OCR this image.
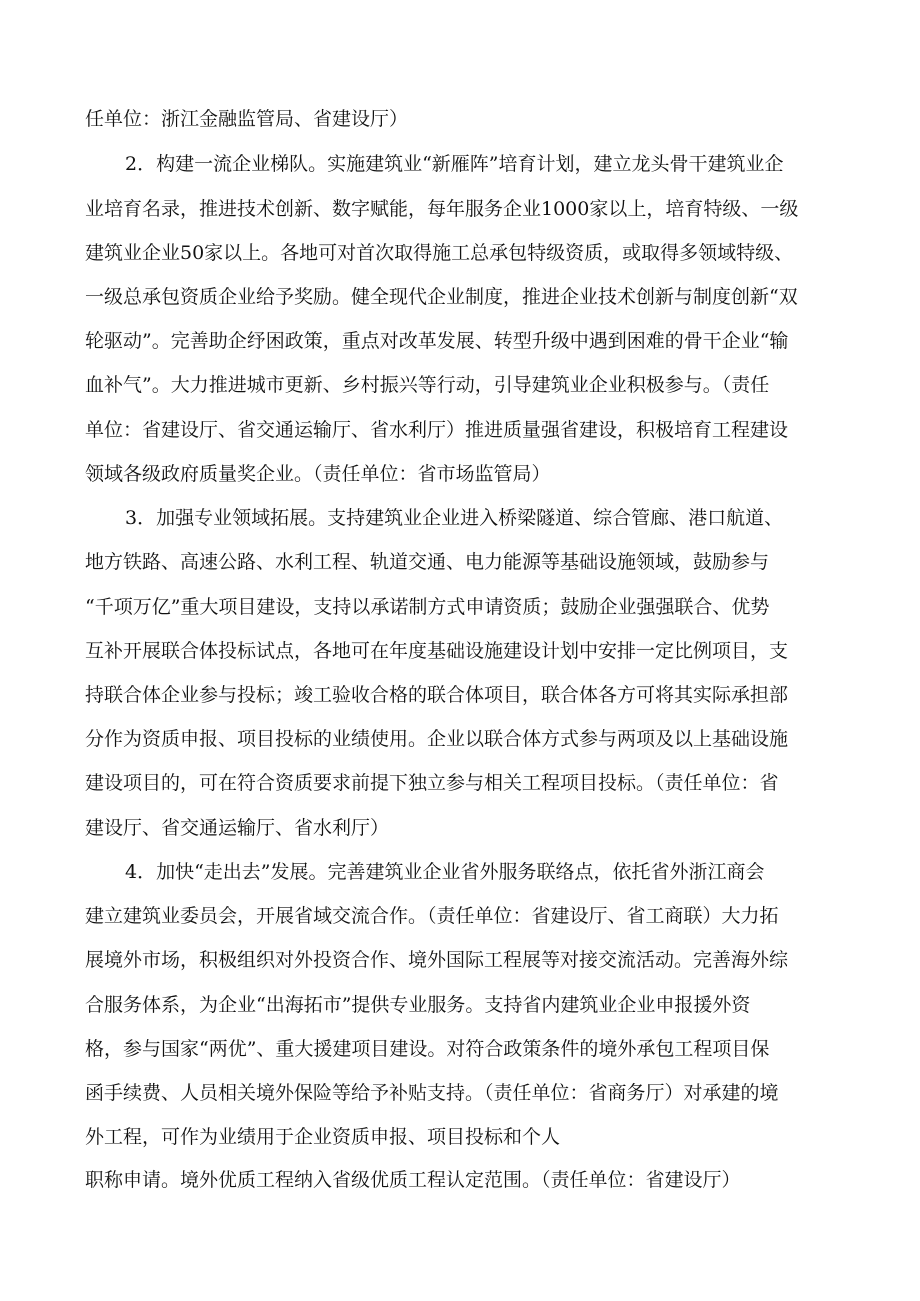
任单位：浙江金融监管局、省建设厅）
2．构建一流企业梯队。实施建筑业“新雁阵”培育计划，建立龙头骨干建筑业企
业培育名录，推进技术创新、数字赋能，每年服务企业1000家以上，培育特级、一级
建筑业企业50家以上。各地可对首次取得施工总承包特级资质，或取得多领域特级、
一级总承包资质企业给予奖励。健全现代企业制度，推进企业技术创新与制度创新“双
轮驱动”。完善助企纾困政策，重点对改革发展、转型升级中遇到困难的骨干企业“输
血补气”。大力推进城市更新、乡村振兴等行动，引导建筑业企业积极参与。（责任
单位：省建设厅、省交通运输厅、省水利厅）推进质量强省建设，积极培育工程建设
领域各级政府质量奖企业。（责任单位：省市场监管局）
3．加强专业领域拓展。支持建筑业企业进入桥梁隧道、综合管廊、港口航道、
地方铁路、高速公路、水利工程、轨道交通、电力能源等基础设施领域，鼓励参与
“千项万亿”重大项目建设，支持以承诺制方式申请资质；鼓励企业强强联合、优势
互补开展联合体投标试点，各地可在年度基础设施建设计划中安排一定比例项目，支
持联合体企业参与投标；竣工验收合格的联合体项目，联合体各方可将其实际承担部
分作为资质申报、项目投标的业绩使用。企业以联合体方式参与两项及以上基础设施
建设项目的，可在符合资质要求前提下独立参与相关工程项目投标。（责任单位：省
建设厅、省交通运输厅、省水利厅）
4．加快“走出去”发展。完善建筑业企业省外服务联络点，依托省外浙江商会
建立建筑业委员会，开展省域交流合作。（责任单位：省建设厅、省工商联）大力拓
展境外市场，积极组织对外投资合作、境外国际工程展等对接交流活动。完善海外综
合服务体系，为企业“出海拓市”提供专业服务。支持省内建筑业企业申报援外资
格，参与国家“两优”、重大援建项目建设。对符合政策条件的境外承包工程项目保
函手续费、人员相关境外保险等给予补贴支持。（责任单位：省商务厅）对承建的境
外工程，可作为业绩用于企业资质申报、项目投标和个人
职称申请。境外优质工程纳入省级优质工程认定范围。（责任单位：省建设厅）
